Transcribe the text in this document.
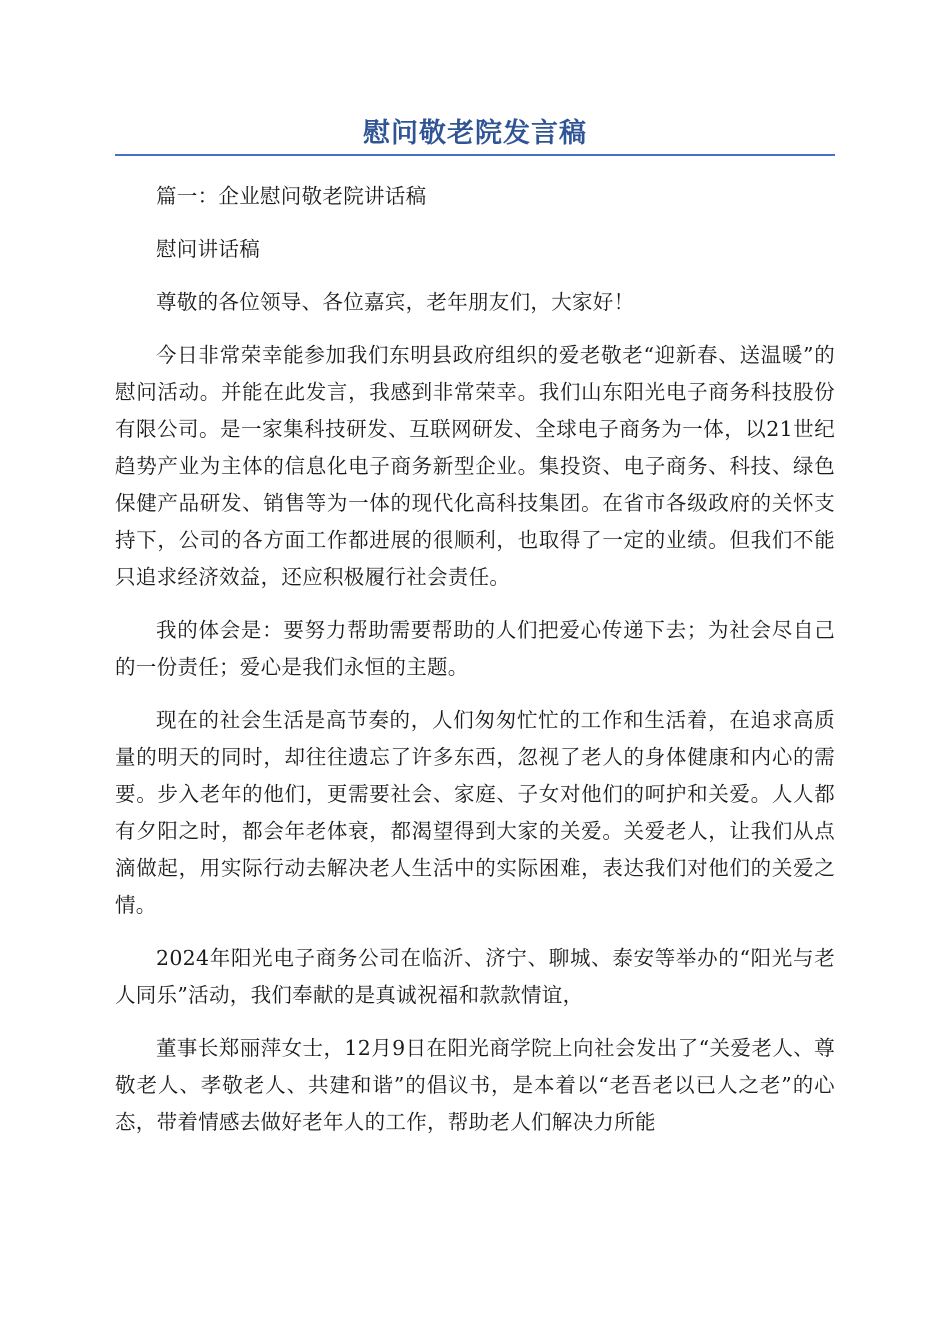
慰问敬老院发言稿

篇一：企业慰问敬老院讲话稿

慰问讲话稿

尊敬的各位领导、各位嘉宾，老年朋友们，大家好！

今日非常荣幸能参加我们东明县政府组织的爱老敬老“迎新春、送温暖”的慰问活动。并能在此发言，我感到非常荣幸。我们山东阳光电子商务科技股份有限公司。是一家集科技研发、互联网研发、全球电子商务为一体，以21世纪趋势产业为主体的信息化电子商务新型企业。集投资、电子商务、科技、绿色保健产品研发、销售等为一体的现代化高科技集团。在省市各级政府的关怀支持下，公司的各方面工作都进展的很顺利，也取得了一定的业绩。但我们不能只追求经济效益，还应积极履行社会责任。

我的体会是：要努力帮助需要帮助的人们把爱心传递下去；为社会尽自己的一份责任；爱心是我们永恒的主题。

现在的社会生活是高节奏的，人们匆匆忙忙的工作和生活着，在追求高质量的明天的同时，却往往遗忘了许多东西，忽视了老人的身体健康和内心的需要。步入老年的他们，更需要社会、家庭、子女对他们的呵护和关爱。人人都有夕阳之时，都会年老体衰，都渴望得到大家的关爱。关爱老人，让我们从点滴做起，用实际行动去解决老人生活中的实际困难，表达我们对他们的关爱之情。

2024年阳光电子商务公司在临沂、济宁、聊城、泰安等举办的“阳光与老人同乐”活动，我们奉献的是真诚祝福和款款情谊，

董事长郑丽萍女士，12月9日在阳光商学院上向社会发出了“关爱老人、尊敬老人、孝敬老人、共建和谐”的倡议书，是本着以“老吾老以已人之老”的心态，带着情感去做好老年人的工作，帮助老人们解决力所能
